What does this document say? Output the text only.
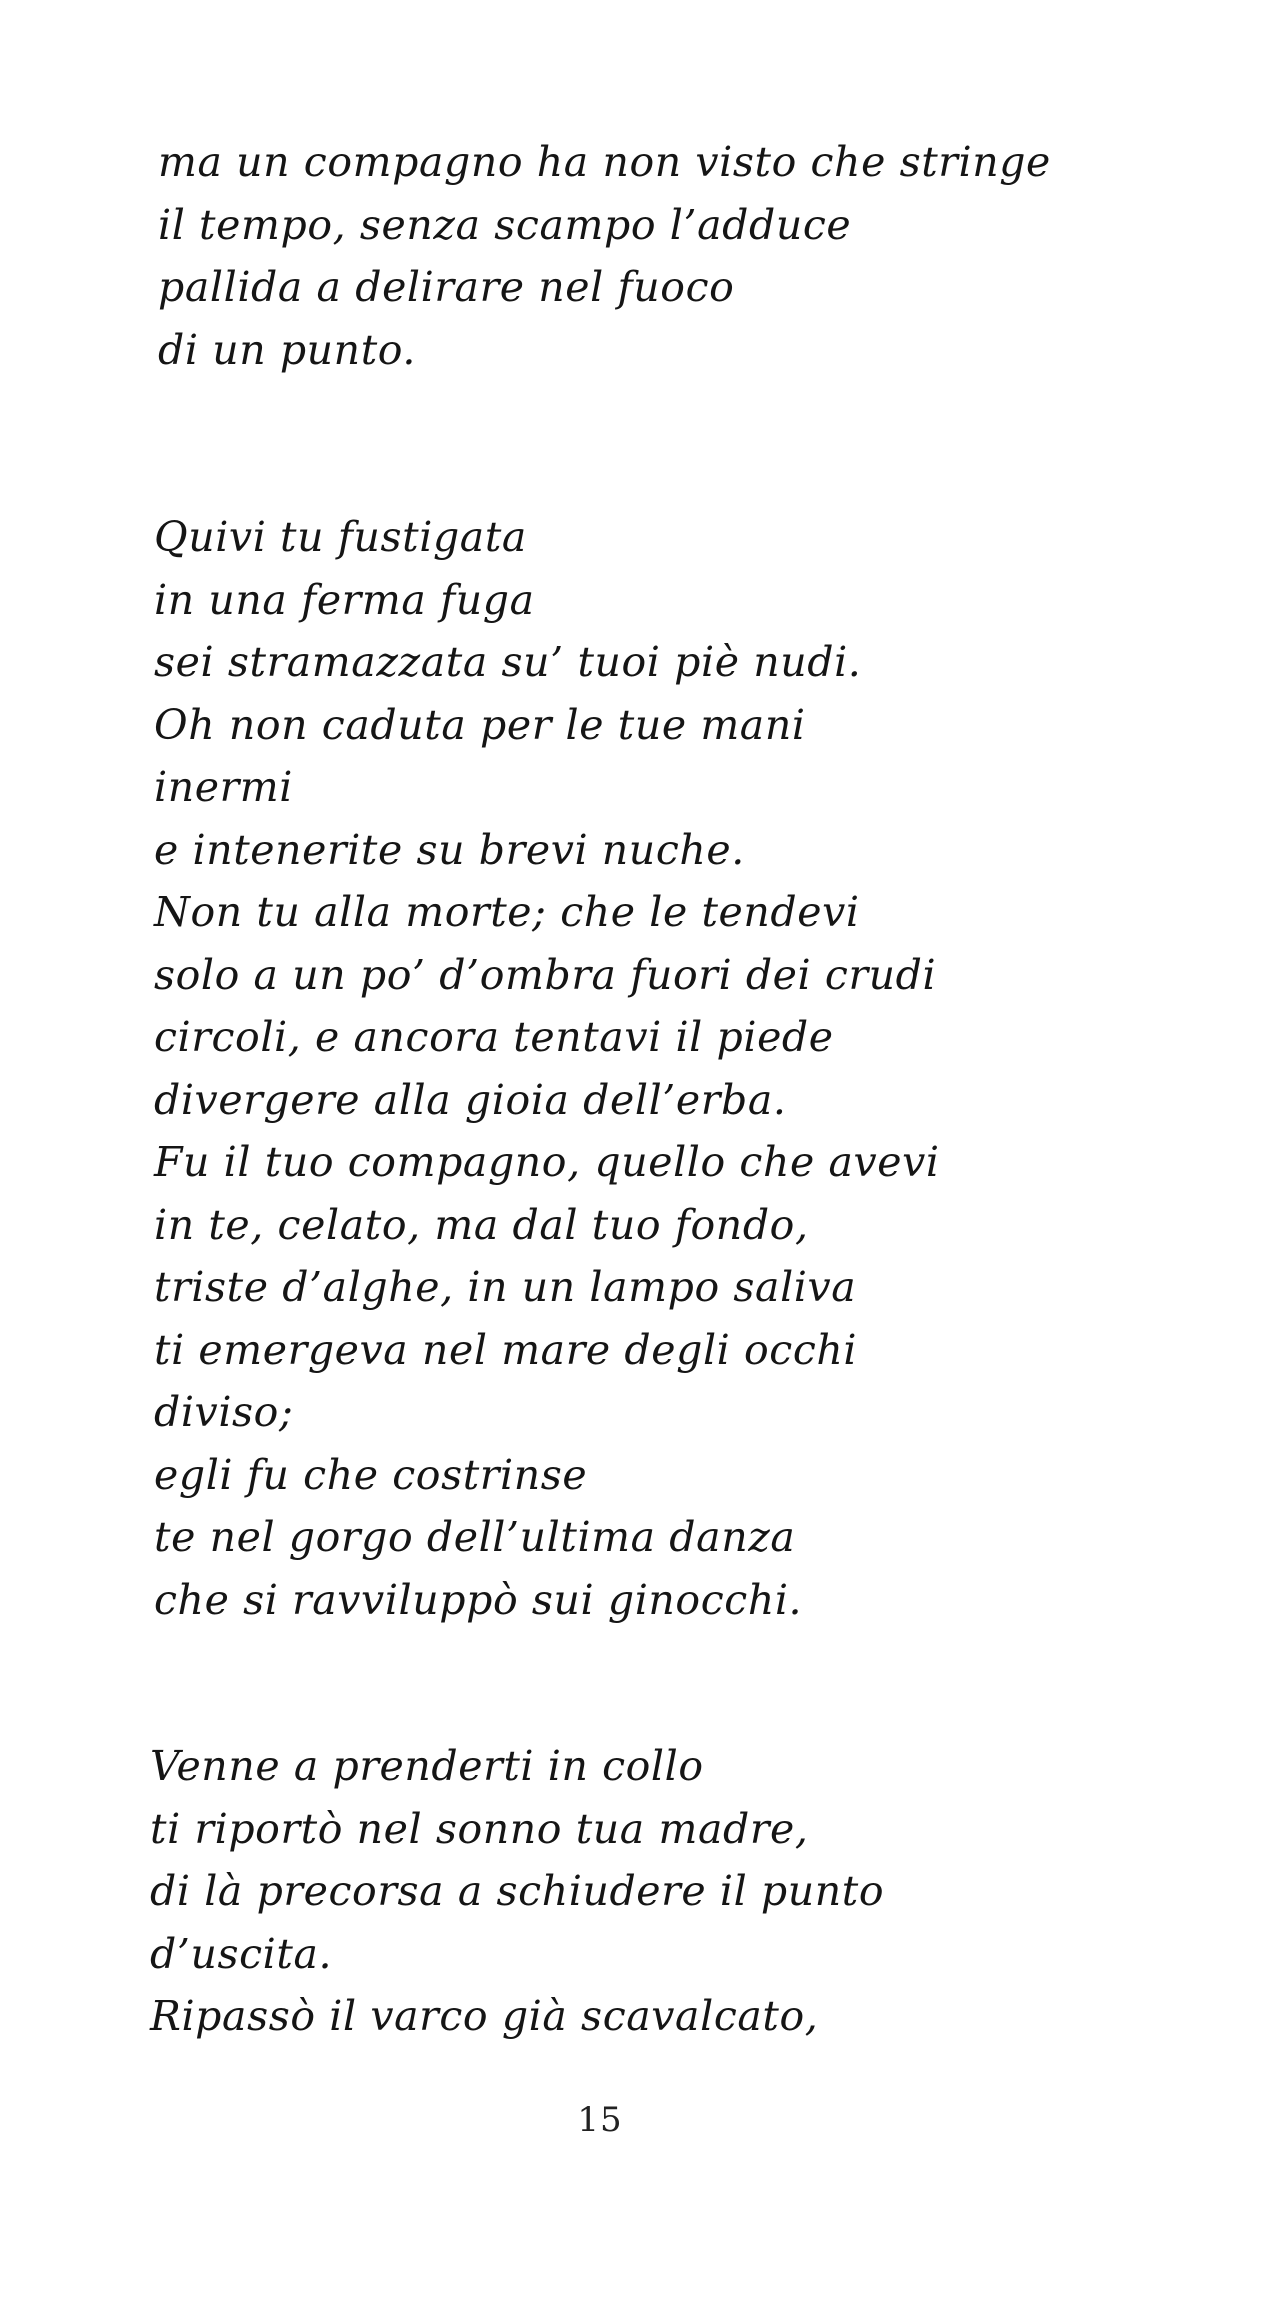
ma un compagno ha non visto che stringe
il tempo, senza scampo l’adduce
pallida a delirare nel fuoco
di un punto.
Quivi tu fustigata
in una ferma fuga
sei stramazzata su’ tuoi piè nudi.
Oh non caduta per le tue mani
inermi
e intenerite su brevi nuche.
Non tu alla morte; che le tendevi
solo a un po’ d’ombra fuori dei crudi
circoli, e ancora tentavi il piede
divergere alla gioia dell’erba.
Fu il tuo compagno, quello che avevi
in te, celato, ma dal tuo fondo,
triste d’alghe, in un lampo saliva
ti emergeva nel mare degli occhi
diviso;
egli fu che costrinse
te nel gorgo dell’ultima danza
che si ravviluppò sui ginocchi.
Venne a prenderti in collo
ti riportò nel sonno tua madre,
di là precorsa a schiudere il punto
d’uscita.
Ripassò il varco già scavalcato,
15
